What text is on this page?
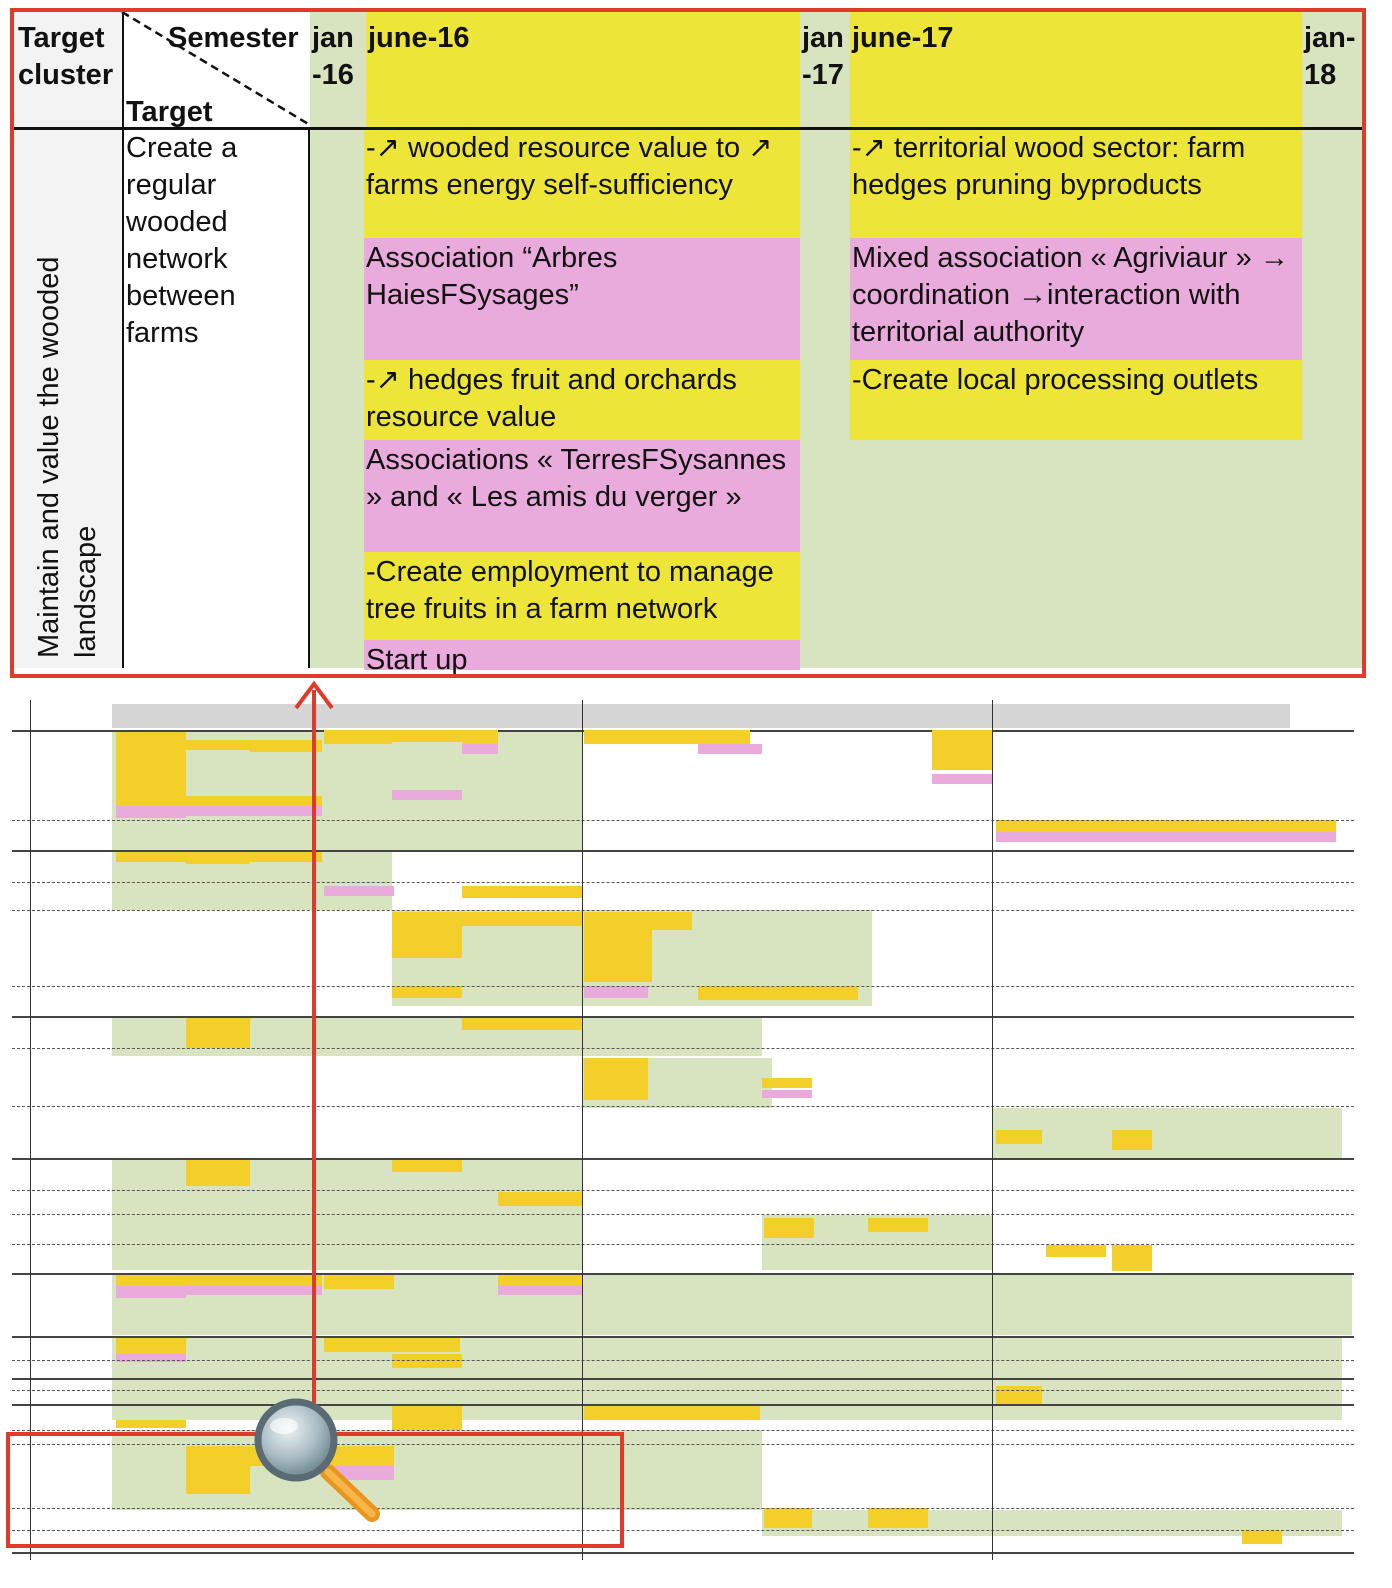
Target cluster
Semester
Target
jan -16
june-16	jan -17
june-17	jan- 18
Maintain and value the wooded landscape
Create a regular wooded network between farms
-↗ wooded resource value to ↗ farms energy self-sufficiency
Association “Arbres HaiesFSysages”
-↗ hedges fruit and orchards resource value
Associations « TerresFSysannes » and « Les amis du verger »
-Create employment to manage tree fruits in a farm network
Start up
-↗ territorial wood sector: farm hedges pruning byproducts
Mixed association « Agriviaur » → coordination →interaction with territorial authority
-Create local processing outlets
